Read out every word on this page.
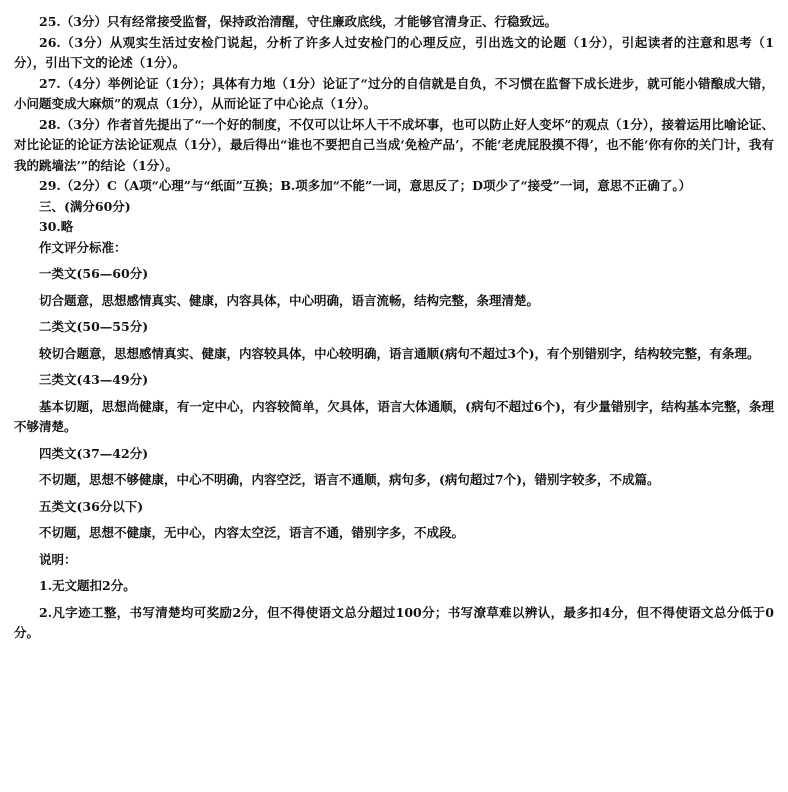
25.（3分）只有经常接受监督，保持政治清醒，守住廉政底线，才能够官清身正、行稳致远。

26.（3分）从观实生活过安检门说起，分析了许多人过安检门的心理反应，引出选文的论题（1分），引起读者的注意和思考（1分），引出下文的论述（1分）。

27.（4分）举例论证（1分）；具体有力地（1分）论证了“过分的自信就是自负，不习惯在监督下成长进步，就可能小错酿成大错，小问题变成大麻烦”的观点（1分），从而论证了中心论点（1分）。

28.（3分）作者首先提出了“一个好的制度，不仅可以让坏人干不成坏事，也可以防止好人变坏”的观点（1分），接着运用比喻论证、对比论证的论证方法论证观点（1分），最后得出“谁也不要把自己当成‘免检产品’，不能‘老虎屁股摸不得’，也不能‘你有你的关门计，我有我的跳墙法’”的结论（1分）。

29.（2分）C（A项“心理”与“纸面”互换；B.项多加“不能”一词，意思反了；D项少了“接受”一词，意思不正确了。）

三、(满分60分)

30.略

作文评分标准：

一类文(56—60分)

切合题意，思想感情真实、健康，内容具体，中心明确，语言流畅，结构完整，条理清楚。

二类文(50—55分)

较切合题意，思想感情真实、健康，内容较具体，中心较明确，语言通顺(病句不超过3个)，有个别错别字，结构较完整，有条理。

三类文(43—49分)

基本切题，思想尚健康，有一定中心，内容较简单，欠具体，语言大体通顺，(病句不超过6个)，有少量错别字，结构基本完整，条理不够清楚。

四类文(37—42分)

不切题，思想不够健康，中心不明确，内容空泛，语言不通顺，病句多，(病句超过7个)，错别字较多，不成篇。

五类文(36分以下)

不切题，思想不健康，无中心，内容太空泛，语言不通，错别字多，不成段。

说明：

1.无文题扣2分。

2.凡字迹工整，书写清楚均可奖励2分，但不得使语文总分超过100分；书写潦草难以辨认，最多扣4分，但不得使语文总分低于0分。
